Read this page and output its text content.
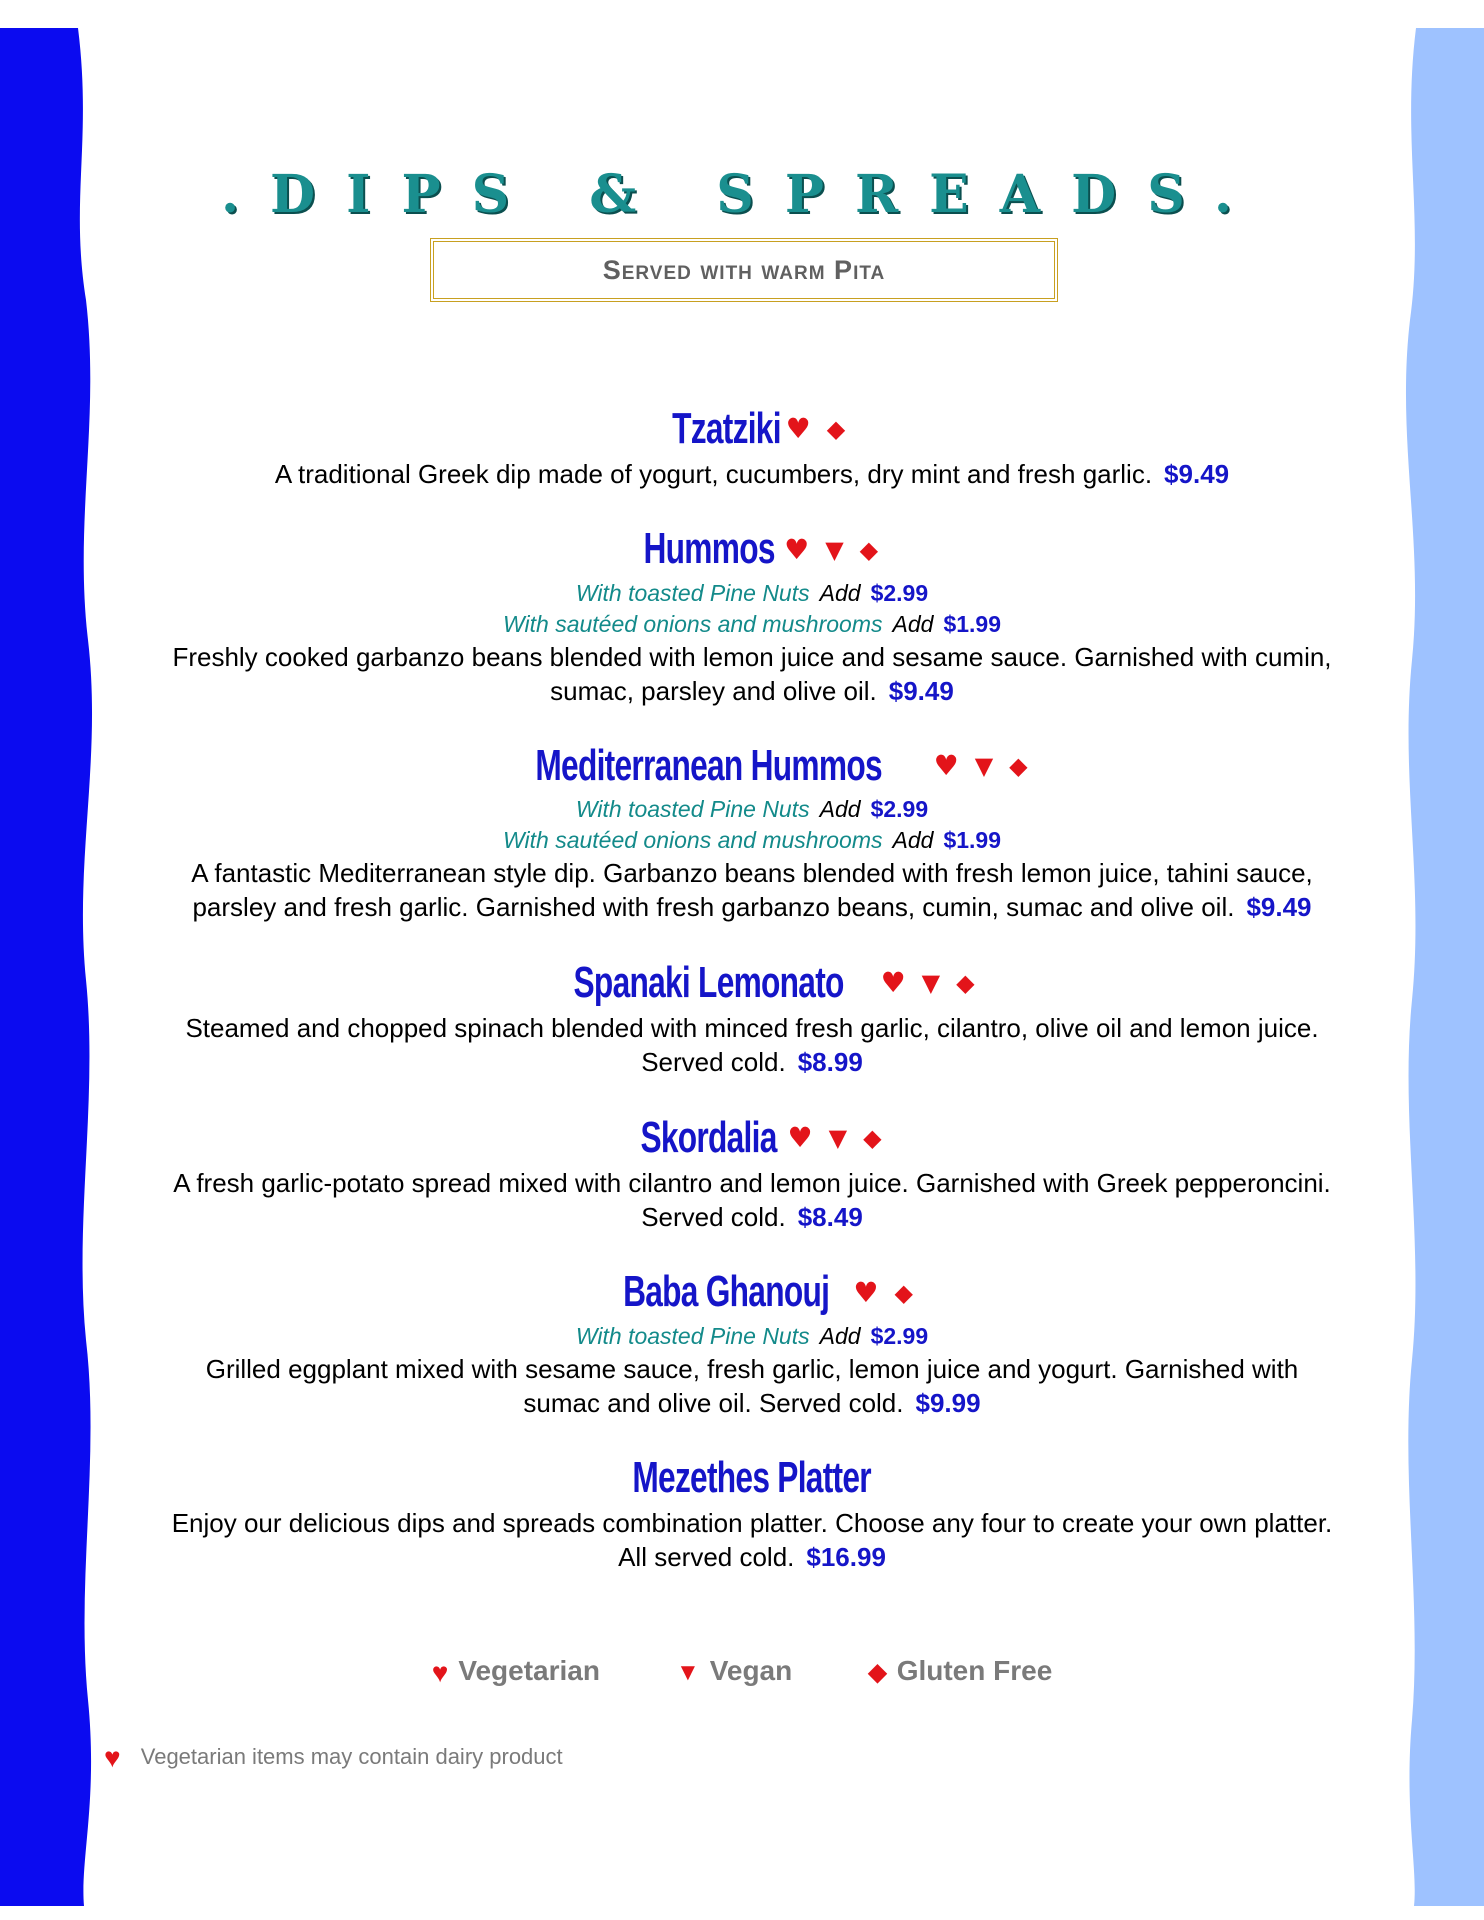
.DIPS & SPREADS.
Served with warm Pita
Tzatziki ♥ ◆
A traditional Greek dip made of yogurt, cucumbers, dry mint and fresh garlic. $9.49
Hummos ♥ ▼ ◆
With toasted Pine Nuts Add $2.99
With sautéed onions and mushrooms Add $1.99
Freshly cooked garbanzo beans blended with lemon juice and sesame sauce. Garnished with cumin, sumac, parsley and olive oil. $9.49
Mediterranean Hummos ♥ ▼ ◆
With toasted Pine Nuts Add $2.99
With sautéed onions and mushrooms Add $1.99
A fantastic Mediterranean style dip. Garbanzo beans blended with fresh lemon juice, tahini sauce, parsley and fresh garlic. Garnished with fresh garbanzo beans, cumin, sumac and olive oil. $9.49
Spanaki Lemonato ♥ ▼ ◆
Steamed and chopped spinach blended with minced fresh garlic, cilantro, olive oil and lemon juice. Served cold. $8.99
Skordalia ♥ ▼ ◆
A fresh garlic-potato spread mixed with cilantro and lemon juice. Garnished with Greek pepperoncini. Served cold. $8.49
Baba Ghanouj ♥ ◆
With toasted Pine Nuts Add $2.99
Grilled eggplant mixed with sesame sauce, fresh garlic, lemon juice and yogurt. Garnished with sumac and olive oil. Served cold. $9.99
Mezethes Platter
Enjoy our delicious dips and spreads combination platter. Choose any four to create your own platter. All served cold. $16.99
♥ Vegetarian	▼ Vegan	◆ Gluten Free
♥ Vegetarian items may contain dairy product
